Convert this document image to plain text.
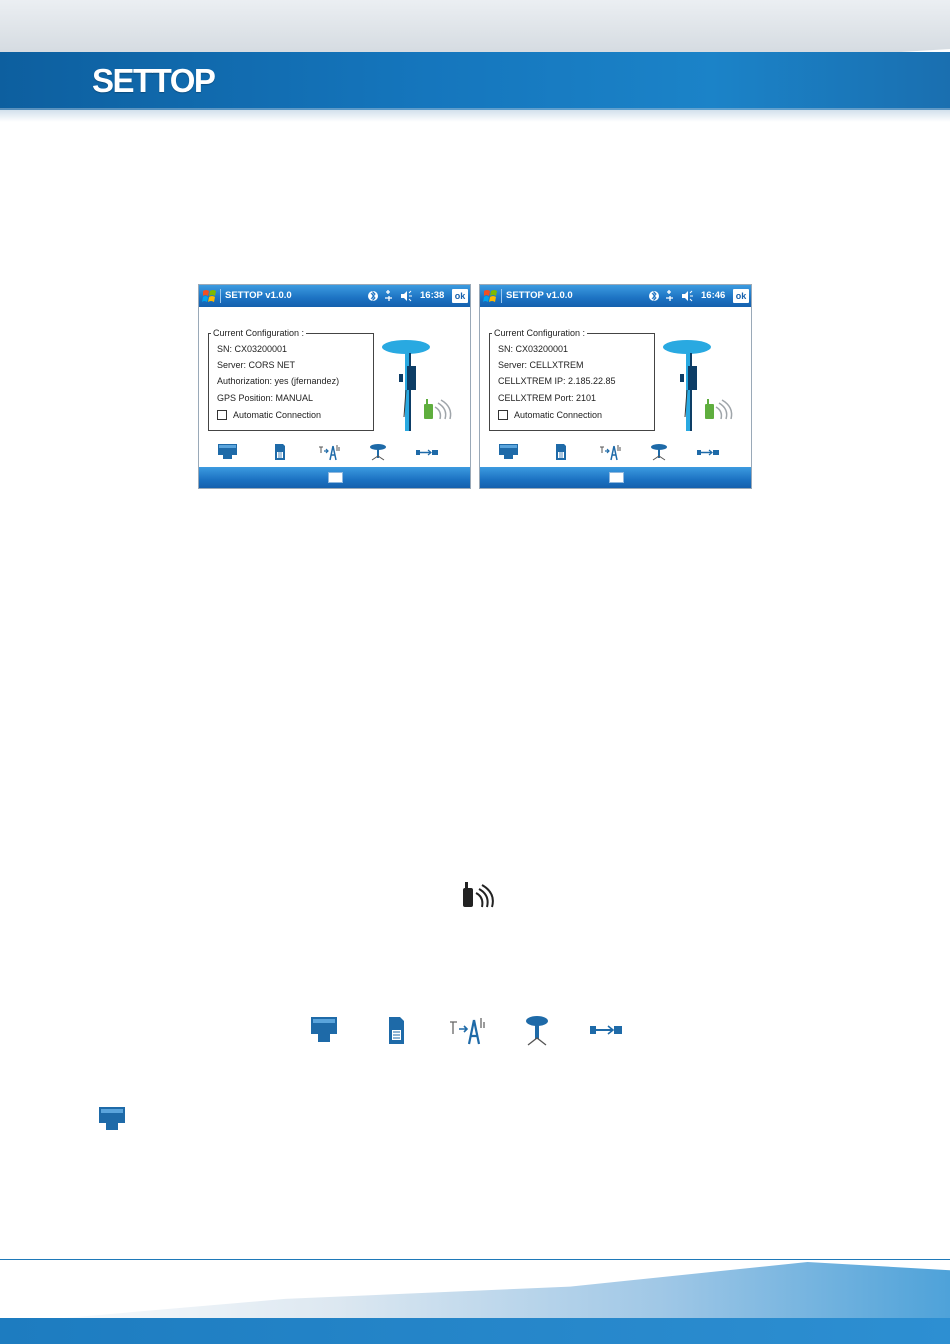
SETTOP
SETTOP v1.0.0	16:38	ok
Current Configuration :
SN: CX03200001
Server: CORS NET
Authorization: yes (jfernandez)
GPS Position: MANUAL
Automatic Connection
SETTOP v1.0.0	16:46	ok
Current Configuration :
SN: CX03200001
Server: CELLXTREM
CELLXTREM IP: 2.185.22.85
CELLXTREM Port: 2101
Automatic Connection
